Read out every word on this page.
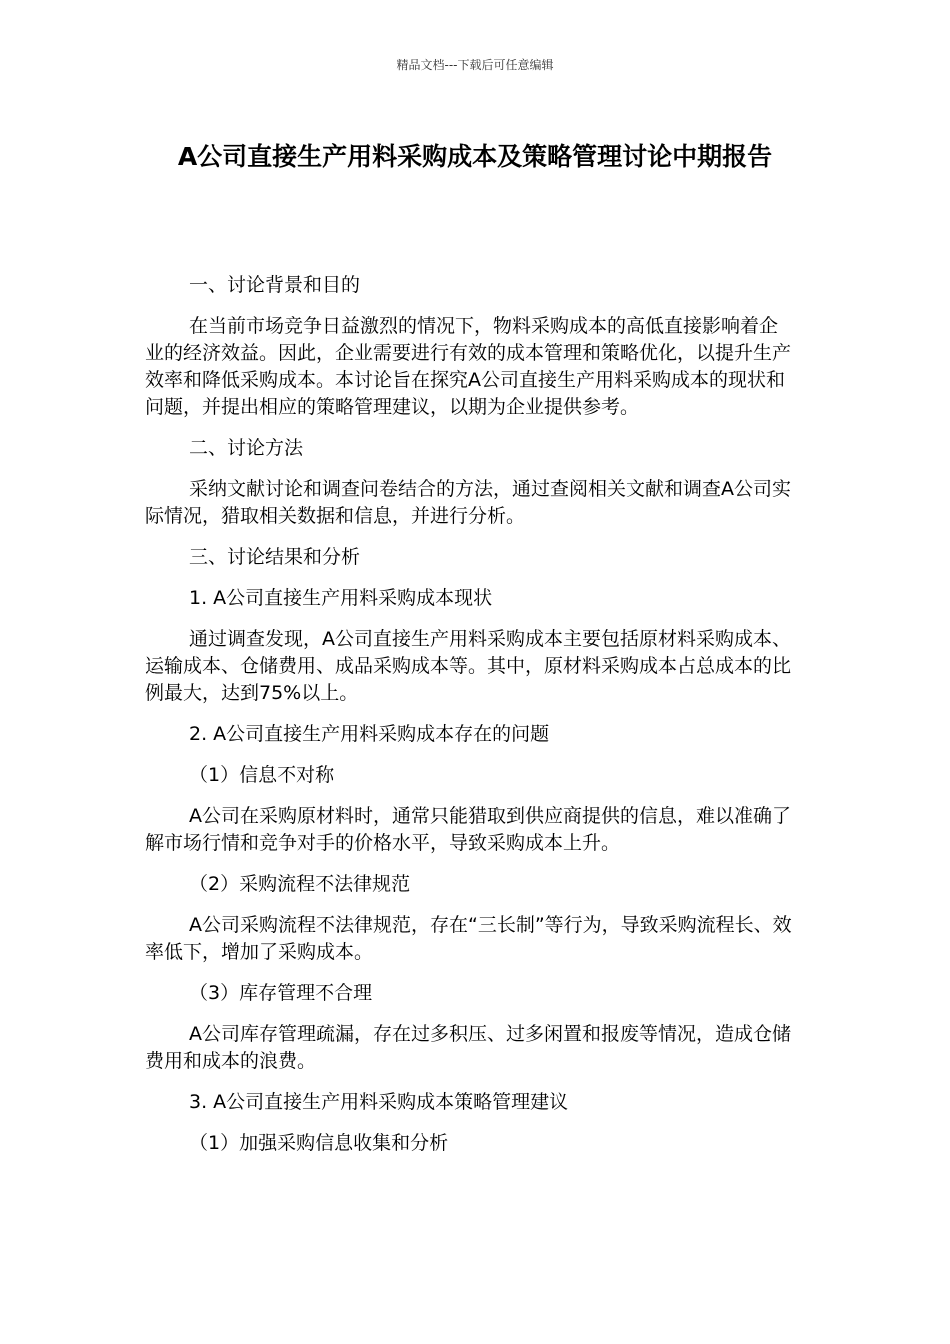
精品文档---下载后可任意编辑
A公司直接生产用料采购成本及策略管理讨论中期报告

一、讨论背景和目的

在当前市场竞争日益激烈的情况下，物料采购成本的高低直接影响着企业的经济效益。因此，企业需要进行有效的成本管理和策略优化，以提升生产效率和降低采购成本。本讨论旨在探究A公司直接生产用料采购成本的现状和问题，并提出相应的策略管理建议，以期为企业提供参考。

二、讨论方法

采纳文献讨论和调查问卷结合的方法，通过查阅相关文献和调查A公司实际情况，猎取相关数据和信息，并进行分析。

三、讨论结果和分析

1. A公司直接生产用料采购成本现状

通过调查发现，A公司直接生产用料采购成本主要包括原材料采购成本、运输成本、仓储费用、成品采购成本等。其中，原材料采购成本占总成本的比例最大，达到75%以上。

2. A公司直接生产用料采购成本存在的问题

（1）信息不对称

A公司在采购原材料时，通常只能猎取到供应商提供的信息，难以准确了解市场行情和竞争对手的价格水平，导致采购成本上升。

（2）采购流程不法律规范

A公司采购流程不法律规范，存在“三长制”等行为，导致采购流程长、效率低下，增加了采购成本。

（3）库存管理不合理

A公司库存管理疏漏，存在过多积压、过多闲置和报废等情况，造成仓储费用和成本的浪费。

3. A公司直接生产用料采购成本策略管理建议

（1）加强采购信息收集和分析
